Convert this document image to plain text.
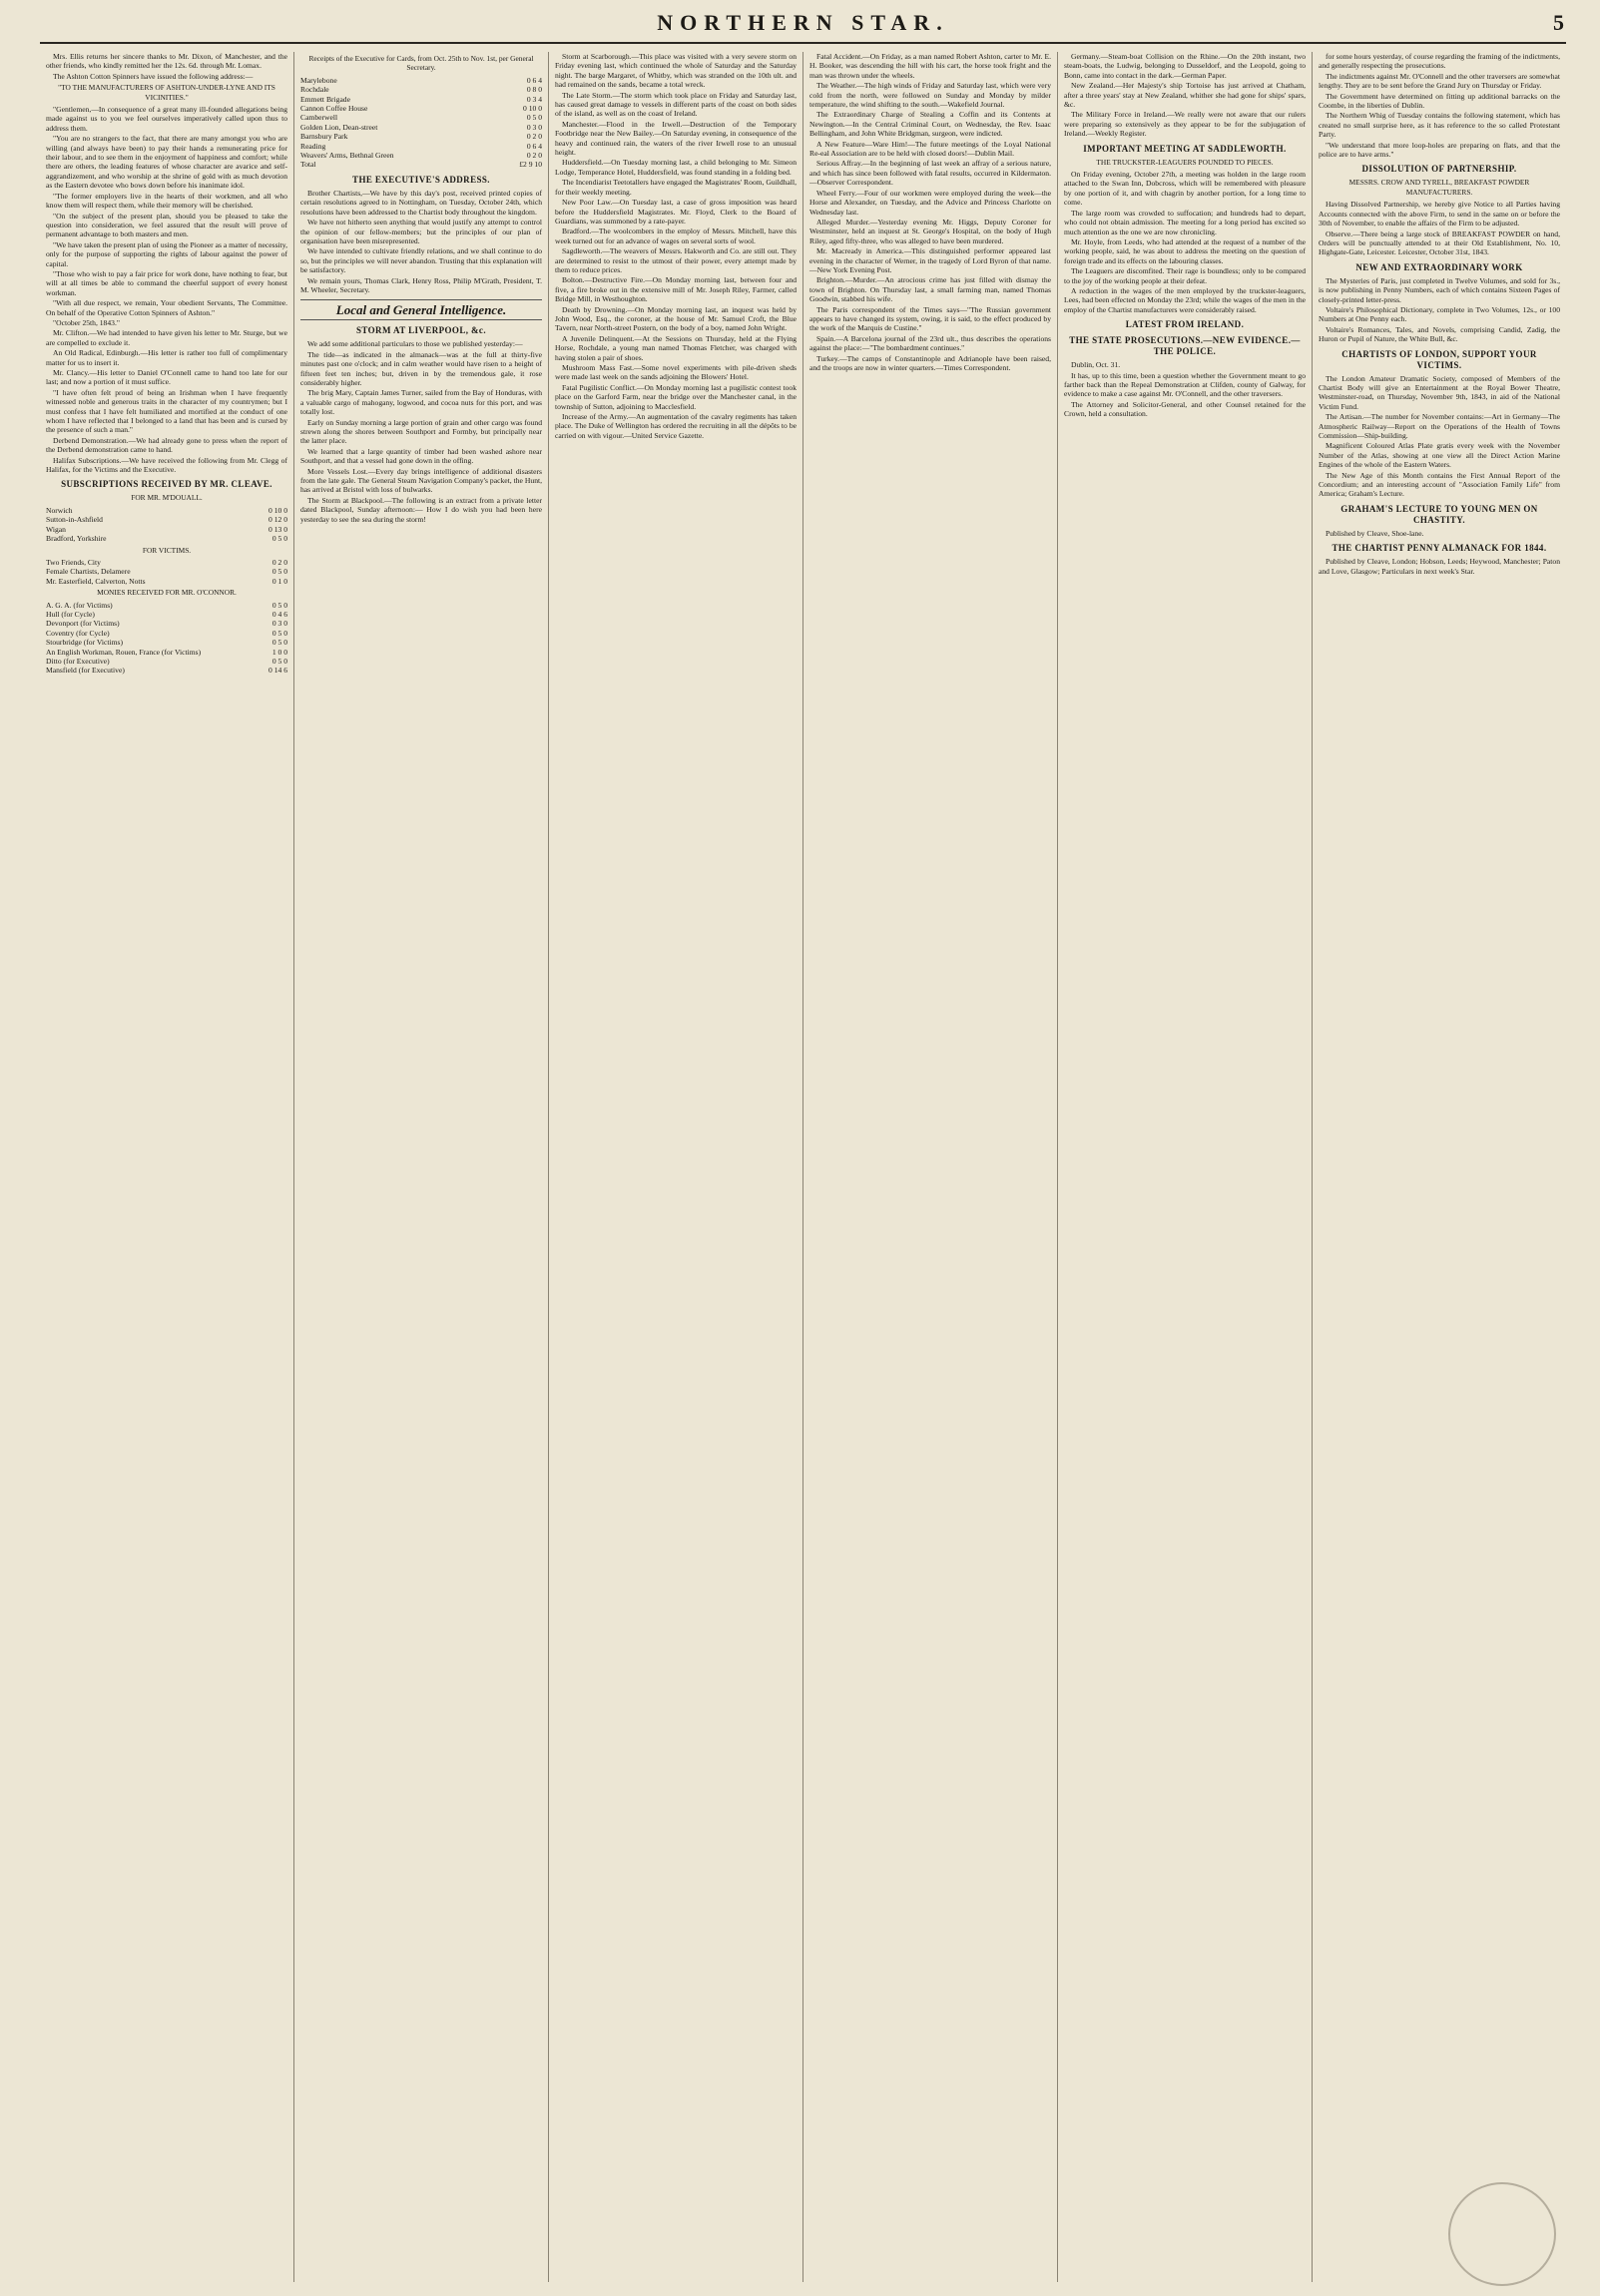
NORTHERN STAR.	5

Mrs. Ellis returns her sincere thanks to Mr. Dixon, of Manchester, and the other friends, who kindly remitted her the 12s. 6d. through Mr. Lomax.

The Ashton Cotton Spinners have issued the following address:—

"TO THE MANUFACTURERS OF ASHTON-UNDER-LYNE AND ITS VICINITIES."

"Gentlemen,—In consequence of a great many ill-founded allegations being made against us to you we feel ourselves imperatively called upon thus to address them.

"You are no strangers to the fact, that there are many amongst you who are willing (and always have been) to pay their hands a remunerating price for their labour, and to see them in the enjoyment of happiness and comfort; while there are others, the leading features of whose character are avarice and self-aggrandizement, and who worship at the shrine of gold with as much devotion as the Eastern devotee who bows down before his inanimate idol.

"The former employers live in the hearts of their workmen, and all who know them will respect them, while their memory will be cherished.

"On the subject of the present plan, should you be pleased to take the question into consideration, we feel assured that the result will prove of permanent advantage to both masters and men.

"We have taken the present plan of using the Pioneer as a matter of necessity, only for the purpose of supporting the rights of labour against the power of capital.

"Those who wish to pay a fair price for work done, have nothing to fear, but will at all times be able to command the cheerful support of every honest workman.

"With all due respect, we remain, Your obedient Servants, The Committee. On behalf of the Operative Cotton Spinners of Ashton."

"October 25th, 1843."

Mr. Clifton.—We had intended to have given his letter to Mr. Sturge, but we are compelled to exclude it.

An Old Radical, Edinburgh.—His letter is rather too full of complimentary matter for us to insert it.

Mr. Clancy.—His letter to Daniel O'Connell came to hand too late for our last; and now a portion of it must suffice.

"I have often felt proud of being an Irishman when I have frequently witnessed noble and generous traits in the character of my countrymen; but I must confess that I have felt humiliated and mortified at the conduct of one whom I have reflected that I belonged to a land that has been and is cursed by the presence of such a man."

Derbend Demonstration.—We had already gone to press when the report of the Derbend demonstration came to hand.

Halifax Subscriptions.—We have received the following from Mr. Clegg of Halifax, for the Victims and the Executive.

SUBSCRIPTIONS RECEIVED BY MR. CLEAVE.
FOR MR. M'DOUALL.
Norwich	0 10 0
Sutton-in-Ashfield	0 12 0
Wigan	0 13 0
Bradford, Yorkshire	0 5 0
FOR VICTIMS.
Two Friends, City	0 2 0
Female Chartists, Delamere	0 5 0
Mr. Easterfield, Calverton, Notts	0 1 0
MONIES RECEIVED FOR MR. O'CONNOR.
A. G. A. (for Victims)	0 5 0
Hull (for Cycle)	0 4 6
Devonport (for Victims)	0 3 0
Coventry (for Cycle)	0 5 0
Stourbridge (for Victims)	0 5 0
An English Workman, Rouen, France (for Victims)	1 0 0
Ditto (for Executive)	0 5 0
Mansfield (for Executive)	0 14 6
Receipts of the Executive for Cards, from Oct. 25th to Nov. 1st, per General Secretary.
Marylebone	0 6 4
Rochdale	0 8 0
Emmett Brigade	0 3 4
Cannon Coffee House	0 10 0
Camberwell	0 5 0
Golden Lion, Dean-street	0 3 0
Barnsbury Park	0 2 0
Reading	0 6 4
Weavers' Arms, Bethnal Green	0 2 0
Total	£2 9 10
THE EXECUTIVE'S ADDRESS.

Brother Chartists,—We have by this day's post, received printed copies of certain resolutions agreed to in Nottingham, on Tuesday, October 24th, which resolutions have been addressed to the Chartist body throughout the kingdom.

We have not hitherto seen anything that would justify any attempt to control the opinion of our fellow-members; but the principles of our plan of organisation have been misrepresented.

We have intended to cultivate friendly relations, and we shall continue to do so, but the principles we will never abandon. Trusting that this explanation will be satisfactory.

We remain yours, Thomas Clark, Henry Ross, Philip M'Grath, President, T. M. Wheeler, Secretary.

Local and General Intelligence.
STORM AT LIVERPOOL, &c.

We add some additional particulars to those we published yesterday:—

The tide—as indicated in the almanack—was at the full at thirty-five minutes past one o'clock; and in calm weather would have risen to a height of fifteen feet ten inches; but, driven in by the tremendous gale, it rose considerably higher.

The brig Mary, Captain James Turner, sailed from the Bay of Honduras, with a valuable cargo of mahogany, logwood, and cocoa nuts for this port, and was totally lost.

Early on Sunday morning a large portion of grain and other cargo was found strewn along the shores between Southport and Formby, but principally near the latter place.

We learned that a large quantity of timber had been washed ashore near Southport, and that a vessel had gone down in the offing.

More Vessels Lost.—Every day brings intelligence of additional disasters from the late gale. The General Steam Navigation Company's packet, the Hunt, has arrived at Bristol with loss of bulwarks.

The Storm at Blackpool.—The following is an extract from a private letter dated Blackpool, Sunday afternoon:— How I do wish you had been here yesterday to see the sea during the storm!

Storm at Scarborough.—This place was visited with a very severe storm on Friday evening last, which continued the whole of Saturday and the Saturday night. The barge Margaret, of Whitby, which was stranded on the 10th ult. and had remained on the sands, became a total wreck.

The Late Storm.—The storm which took place on Friday and Saturday last, has caused great damage to vessels in different parts of the coast on both sides of the island, as well as on the coast of Ireland.

Manchester.—Flood in the Irwell.—Destruction of the Temporary Footbridge near the New Bailey.—On Saturday evening, in consequence of the heavy and continued rain, the waters of the river Irwell rose to an unusual height.

Huddersfield.—On Tuesday morning last, a child belonging to Mr. Simeon Lodge, Temperance Hotel, Huddersfield, was found standing in a folding bed.

The Incendiarist Teetotallers have engaged the Magistrates' Room, Guildhall, for their weekly meeting.

New Poor Law.—On Tuesday last, a case of gross imposition was heard before the Huddersfield Magistrates. Mr. Floyd, Clerk to the Board of Guardians, was summoned by a rate-payer.

Bradford.—The woolcombers in the employ of Messrs. Mitchell, have this week turned out for an advance of wages on several sorts of wool.

Sagdleworth.—The weavers of Messrs. Hakworth and Co. are still out. They are determined to resist to the utmost of their power, every attempt made by them to reduce prices.

Bolton.—Destructive Fire.—On Monday morning last, between four and five, a fire broke out in the extensive mill of Mr. Joseph Riley, Farmer, called Bridge Mill, in Westhoughton.

Death by Drowning.—On Monday morning last, an inquest was held by John Wood, Esq., the coroner, at the house of Mr. Samuel Croft, the Blue Tavern, near North-street Postern, on the body of a boy, named John Wright.

A Juvenile Delinquent.—At the Sessions on Thursday, held at the Flying Horse, Rochdale, a young man named Thomas Fletcher, was charged with having stolen a pair of shoes.

Mushroom Mass Fast.—Some novel experiments with pile-driven sheds were made last week on the sands adjoining the Blowers' Hotel.

Fatal Pugilistic Conflict.—On Monday morning last a pugilistic contest took place on the Garford Farm, near the bridge over the Manchester canal, in the township of Sutton, adjoining to Macclesfield.

Increase of the Army.—An augmentation of the cavalry regiments has taken place. The Duke of Wellington has ordered the recruiting in all the dépôts to be carried on with vigour.—United Service Gazette.

Fatal Accident.—On Friday, as a man named Robert Ashton, carter to Mr. E. H. Booker, was descending the hill with his cart, the horse took fright and the man was thrown under the wheels.

The Weather.—The high winds of Friday and Saturday last, which were very cold from the north, were followed on Sunday and Monday by milder temperature, the wind shifting to the south.—Wakefield Journal.

The Extraordinary Charge of Stealing a Coffin and its Contents at Newington.—In the Central Criminal Court, on Wednesday, the Rev. Isaac Bellingham, and John White Bridgman, surgeon, were indicted.

A New Feature—Ware Him!—The future meetings of the Loyal National Re-eal Association are to be held with closed doors!—Dublin Mail.

Serious Affray.—In the beginning of last week an affray of a serious nature, and which has since been followed with fatal results, occurred in Kildermaton.—Observer Correspondent.

Wheel Ferry.—Four of our workmen were employed during the week—the Horse and Alexander, on Tuesday, and the Advice and Princess Charlotte on Wednesday last.

Alleged Murder.—Yesterday evening Mr. Higgs, Deputy Coroner for Westminster, held an inquest at St. George's Hospital, on the body of Hugh Riley, aged fifty-three, who was alleged to have been murdered.

Mr. Macready in America.—This distinguished performer appeared last evening in the character of Werner, in the tragedy of Lord Byron of that name.—New York Evening Post.

Brighton.—Murder.—An atrocious crime has just filled with dismay the town of Brighton. On Thursday last, a small farming man, named Thomas Goodwin, stabbed his wife.

The Paris correspondent of the Times says—"The Russian government appears to have changed its system, owing, it is said, to the effect produced by the work of the Marquis de Custine."

Spain.—A Barcelona journal of the 23rd ult., thus describes the operations against the place:—"The bombardment continues."

Turkey.—The camps of Constantinople and Adrianople have been raised, and the troops are now in winter quarters.—Times Correspondent.

Germany.—Steam-boat Collision on the Rhine.—On the 20th instant, two steam-boats, the Ludwig, belonging to Dusseldorf, and the Leopold, going to Bonn, came into contact in the dark.—German Paper.

New Zealand.—Her Majesty's ship Tortoise has just arrived at Chatham, after a three years' stay at New Zealand, whither she had gone for ships' spars, &c.

The Military Force in Ireland.—We really were not aware that our rulers were preparing so extensively as they appear to be for the subjugation of Ireland.—Weekly Register.

IMPORTANT MEETING AT SADDLEWORTH.
THE TRUCKSTER-LEAGUERS POUNDED TO PIECES.

On Friday evening, October 27th, a meeting was holden in the large room attached to the Swan Inn, Dobcross, which will be remembered with pleasure by one portion of it, and with chagrin by another portion, for a long time to come.

The large room was crowded to suffocation; and hundreds had to depart, who could not obtain admission. The meeting for a long period has excited so much attention as the one we are now chronicling.

Mr. Hoyle, from Leeds, who had attended at the request of a number of the working people, said, he was about to address the meeting on the question of foreign trade and its effects on the labouring classes.

The Leaguers are discomfited. Their rage is boundless; only to be compared to the joy of the working people at their defeat.

A reduction in the wages of the men employed by the truckster-leaguers, Lees, had been effected on Monday the 23rd; while the wages of the men in the employ of the Chartist manufacturers were considerably raised.

LATEST FROM IRELAND.
THE STATE PROSECUTIONS.—NEW EVIDENCE.—THE POLICE.

Dublin, Oct. 31.

It has, up to this time, been a question whether the Government meant to go farther back than the Repeal Demonstration at Clifden, county of Galway, for evidence to make a case against Mr. O'Connell, and the other traversers.

The Attorney and Solicitor-General, and other Counsel retained for the Crown, held a consultation.

for some hours yesterday, of course regarding the framing of the indictments, and generally respecting the prosecutions.

The indictments against Mr. O'Connell and the other traversers are somewhat lengthy. They are to be sent before the Grand Jury on Thursday or Friday.

The Government have determined on fitting up additional barracks on the Coombe, in the liberties of Dublin.

The Northern Whig of Tuesday contains the following statement, which has created no small surprise here, as it has reference to the so called Protestant Party.

"We understand that more loop-holes are preparing on flats, and that the police are to have arms."

DISSOLUTION OF PARTNERSHIP.
MESSRS. CROW AND TYRELL, BREAKFAST POWDER MANUFACTURERS.

Having Dissolved Partnership, we hereby give Notice to all Parties having Accounts connected with the above Firm, to send in the same on or before the 30th of November, to enable the affairs of the Firm to be adjusted.

Observe.—There being a large stock of BREAKFAST POWDER on hand, Orders will be punctually attended to at their Old Establishment, No. 10, Highgate-Gate, Leicester. Leicester, October 31st, 1843.

NEW AND EXTRAORDINARY WORK

The Mysteries of Paris, just completed in Twelve Volumes, and sold for 3s., is now publishing in Penny Numbers, each of which contains Sixteen Pages of closely-printed letter-press.

Voltaire's Philosophical Dictionary, complete in Two Volumes, 12s., or 100 Numbers at One Penny each.

Voltaire's Romances, Tales, and Novels, comprising Candid, Zadig, the Huron or Pupil of Nature, the White Bull, &c.

CHARTISTS OF LONDON, SUPPORT YOUR VICTIMS.

The London Amateur Dramatic Society, composed of Members of the Chartist Body will give an Entertainment at the Royal Bower Theatre, Westminster-road, on Thursday, November 9th, 1843, in aid of the National Victim Fund.

The Artisan.—The number for November contains:—Art in Germany—The Atmospheric Railway—Report on the Operations of the Health of Towns Commission—Ship-building.

Magnificent Coloured Atlas Plate gratis every week with the November Number of the Atlas, showing at one view all the Direct Action Marine Engines of the whole of the Eastern Waters.

The New Age of this Month contains the First Annual Report of the Concordium; and an interesting account of "Association Family Life" from America; Graham's Lecture.

GRAHAM'S LECTURE TO YOUNG MEN ON CHASTITY.

Published by Cleave, Shoe-lane.

THE CHARTIST PENNY ALMANACK FOR 1844.

Published by Cleave, London; Hobson, Leeds; Heywood, Manchester; Paton and Love, Glasgow; Particulars in next week's Star.
